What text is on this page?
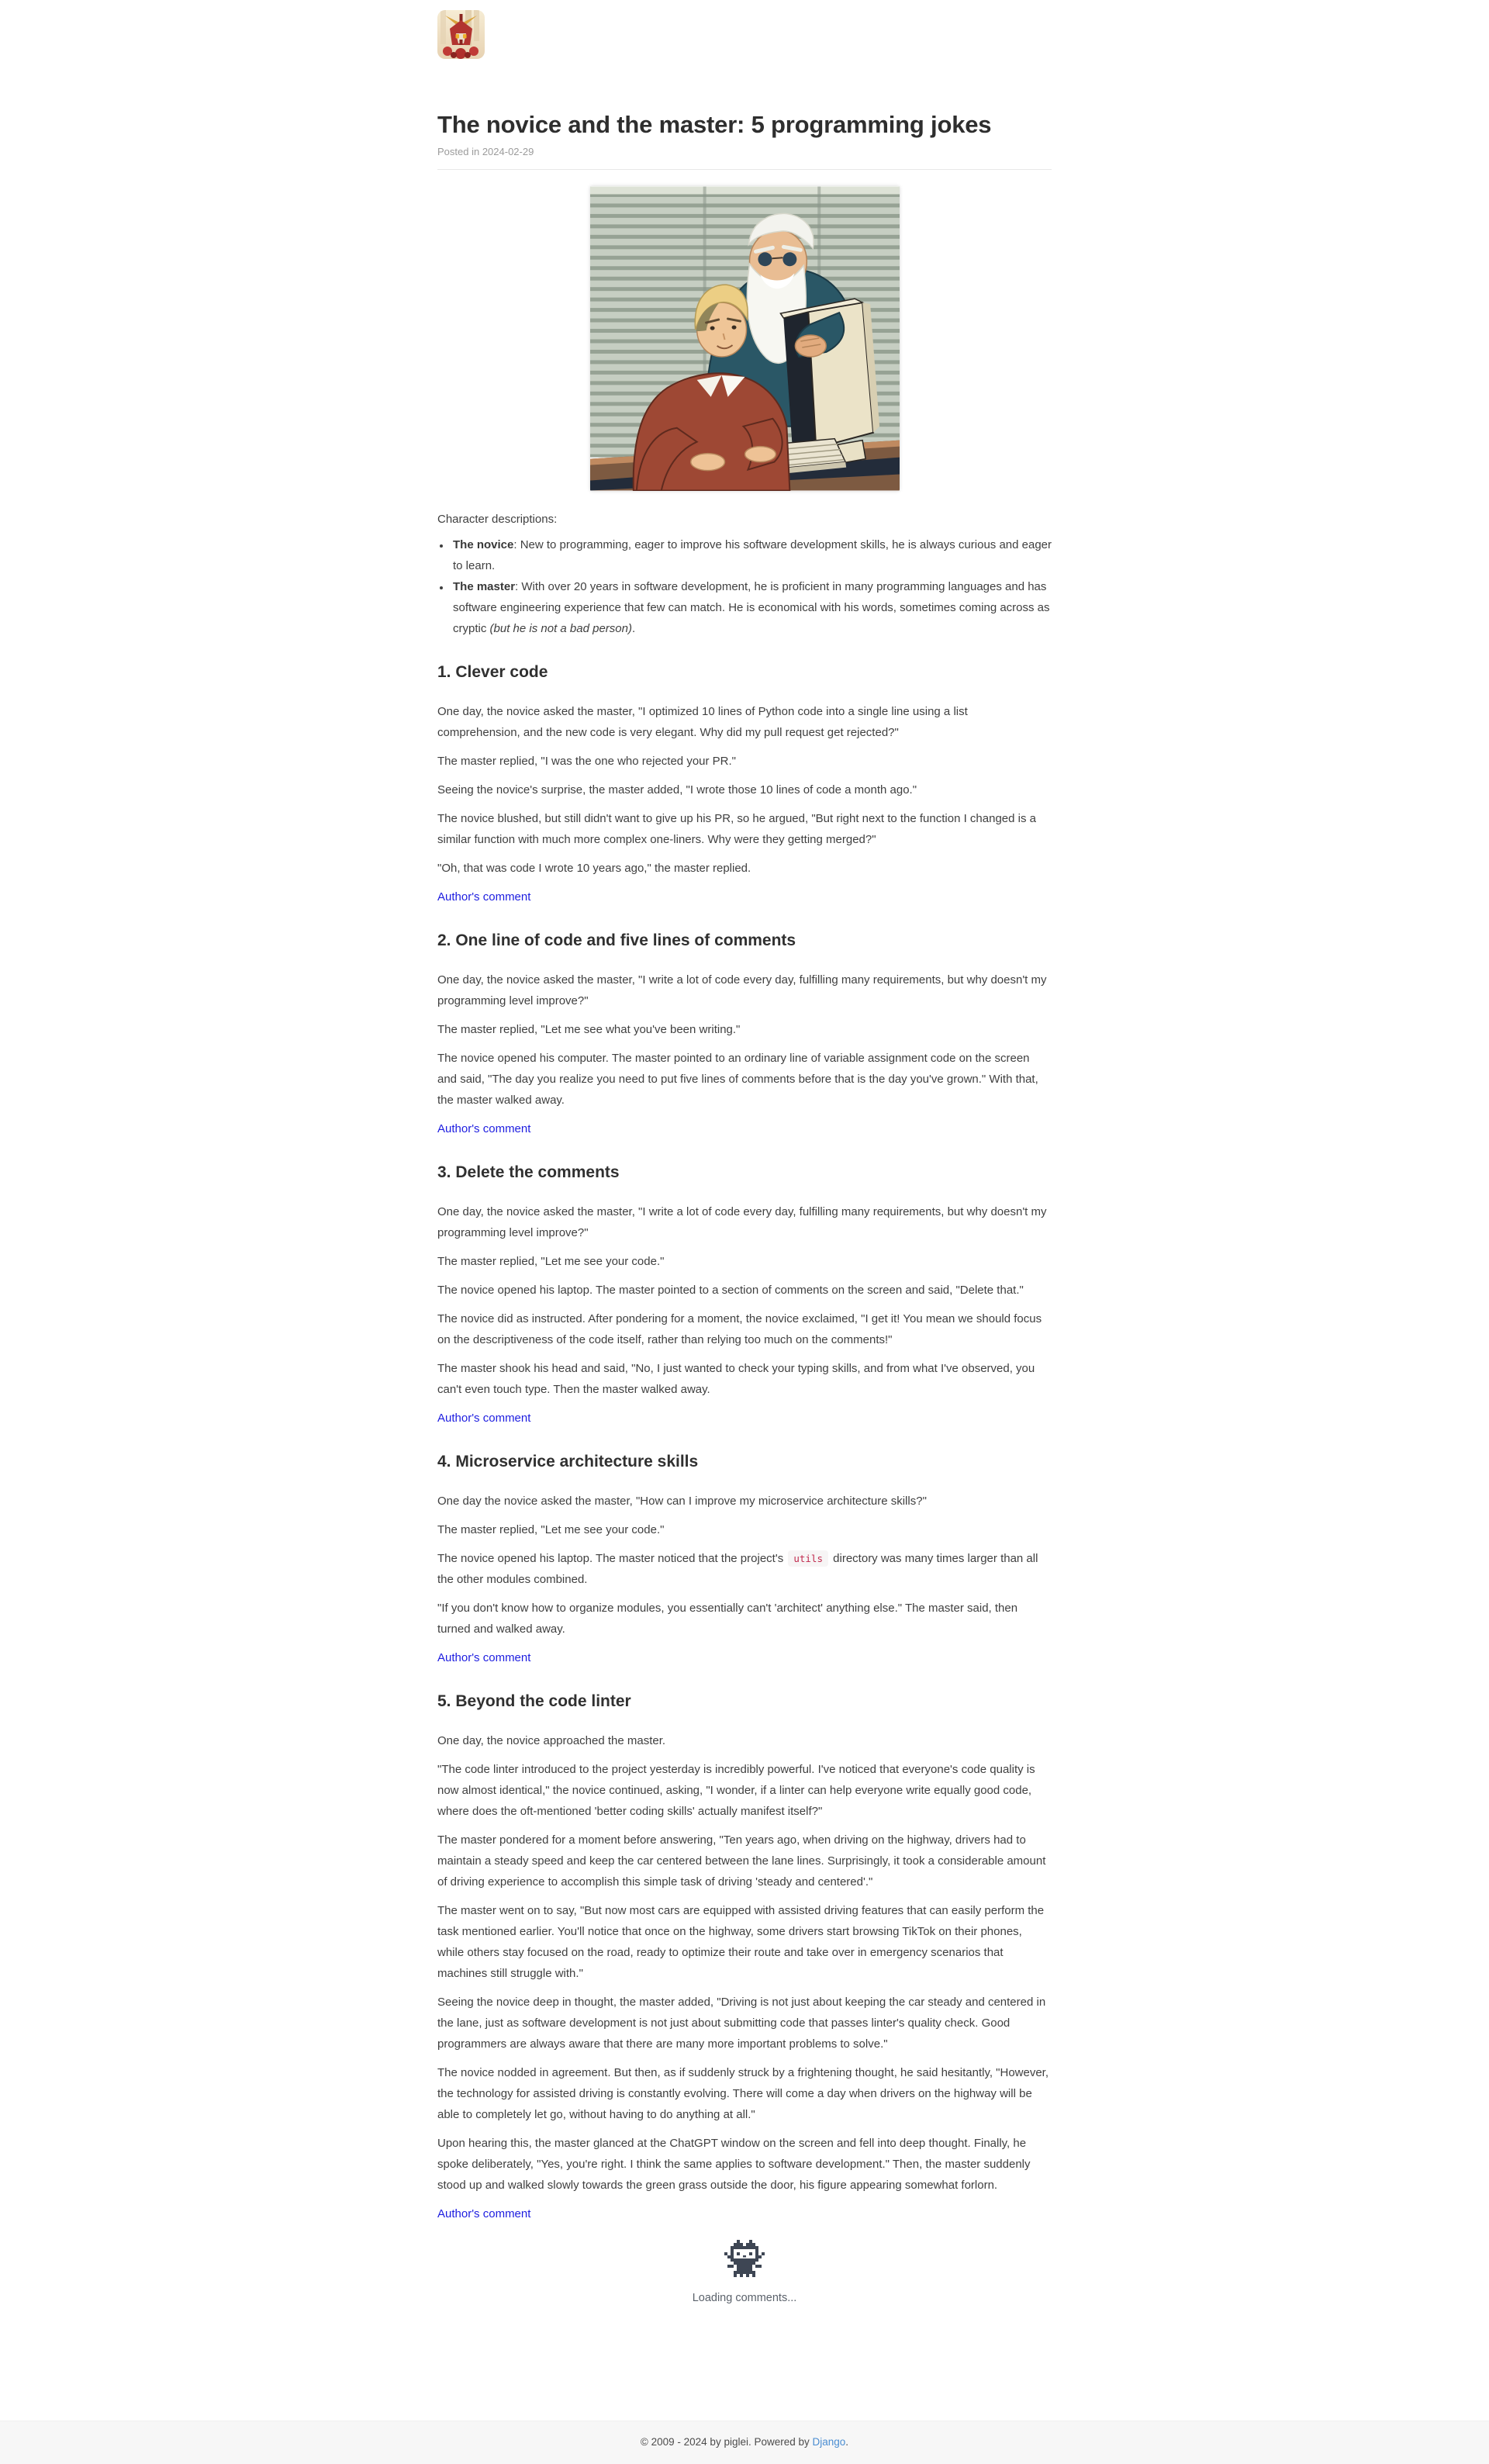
The novice and the master: 5 programming jokes

Posted in 2024-02-29

Character descriptions:

• The novice: New to programming, eager to improve his software development skills, he is always curious and eager to learn.
• The master: With over 20 years in software development, he is proficient in many programming languages and has software engineering experience that few can match. He is economical with his words, sometimes coming across as cryptic (but he is not a bad person).
1. Clever code

One day, the novice asked the master, "I optimized 10 lines of Python code into a single line using a list comprehension, and the new code is very elegant. Why did my pull request get rejected?"

The master replied, "I was the one who rejected your PR."

Seeing the novice's surprise, the master added, "I wrote those 10 lines of code a month ago."

The novice blushed, but still didn't want to give up his PR, so he argued, "But right next to the function I changed is a similar function with much more complex one-liners. Why were they getting merged?"

"Oh, that was code I wrote 10 years ago," the master replied.

Author's comment

2. One line of code and five lines of comments

One day, the novice asked the master, "I write a lot of code every day, fulfilling many requirements, but why doesn't my programming level improve?"

The master replied, "Let me see what you've been writing."

The novice opened his computer. The master pointed to an ordinary line of variable assignment code on the screen and said, "The day you realize you need to put five lines of comments before that is the day you've grown." With that, the master walked away.

Author's comment

3. Delete the comments

One day, the novice asked the master, "I write a lot of code every day, fulfilling many requirements, but why doesn't my programming level improve?"

The master replied, "Let me see your code."

The novice opened his laptop. The master pointed to a section of comments on the screen and said, "Delete that."

The novice did as instructed. After pondering for a moment, the novice exclaimed, "I get it! You mean we should focus on the descriptiveness of the code itself, rather than relying too much on the comments!"

The master shook his head and said, "No, I just wanted to check your typing skills, and from what I've observed, you can't even touch type. Then the master walked away.

Author's comment

4. Microservice architecture skills

One day the novice asked the master, "How can I improve my microservice architecture skills?"

The master replied, "Let me see your code."

The novice opened his laptop. The master noticed that the project's utils directory was many times larger than all the other modules combined.

"If you don't know how to organize modules, you essentially can't 'architect' anything else." The master said, then turned and walked away.

Author's comment

5. Beyond the code linter

One day, the novice approached the master.

"The code linter introduced to the project yesterday is incredibly powerful. I've noticed that everyone's code quality is now almost identical," the novice continued, asking, "I wonder, if a linter can help everyone write equally good code, where does the oft-mentioned 'better coding skills' actually manifest itself?"

The master pondered for a moment before answering, "Ten years ago, when driving on the highway, drivers had to maintain a steady speed and keep the car centered between the lane lines. Surprisingly, it took a considerable amount of driving experience to accomplish this simple task of driving 'steady and centered'."

The master went on to say, "But now most cars are equipped with assisted driving features that can easily perform the task mentioned earlier. You'll notice that once on the highway, some drivers start browsing TikTok on their phones, while others stay focused on the road, ready to optimize their route and take over in emergency scenarios that machines still struggle with."

Seeing the novice deep in thought, the master added, "Driving is not just about keeping the car steady and centered in the lane, just as software development is not just about submitting code that passes linter's quality check. Good programmers are always aware that there are many more important problems to solve."

The novice nodded in agreement. But then, as if suddenly struck by a frightening thought, he said hesitantly, "However, the technology for assisted driving is constantly evolving. There will come a day when drivers on the highway will be able to completely let go, without having to do anything at all."

Upon hearing this, the master glanced at the ChatGPT window on the screen and fell into deep thought. Finally, he spoke deliberately, "Yes, you're right. I think the same applies to software development." Then, the master suddenly stood up and walked slowly towards the green grass outside the door, his figure appearing somewhat forlorn.

Author's comment

Loading comments...

© 2009 - 2024 by piglei. Powered by Django.
